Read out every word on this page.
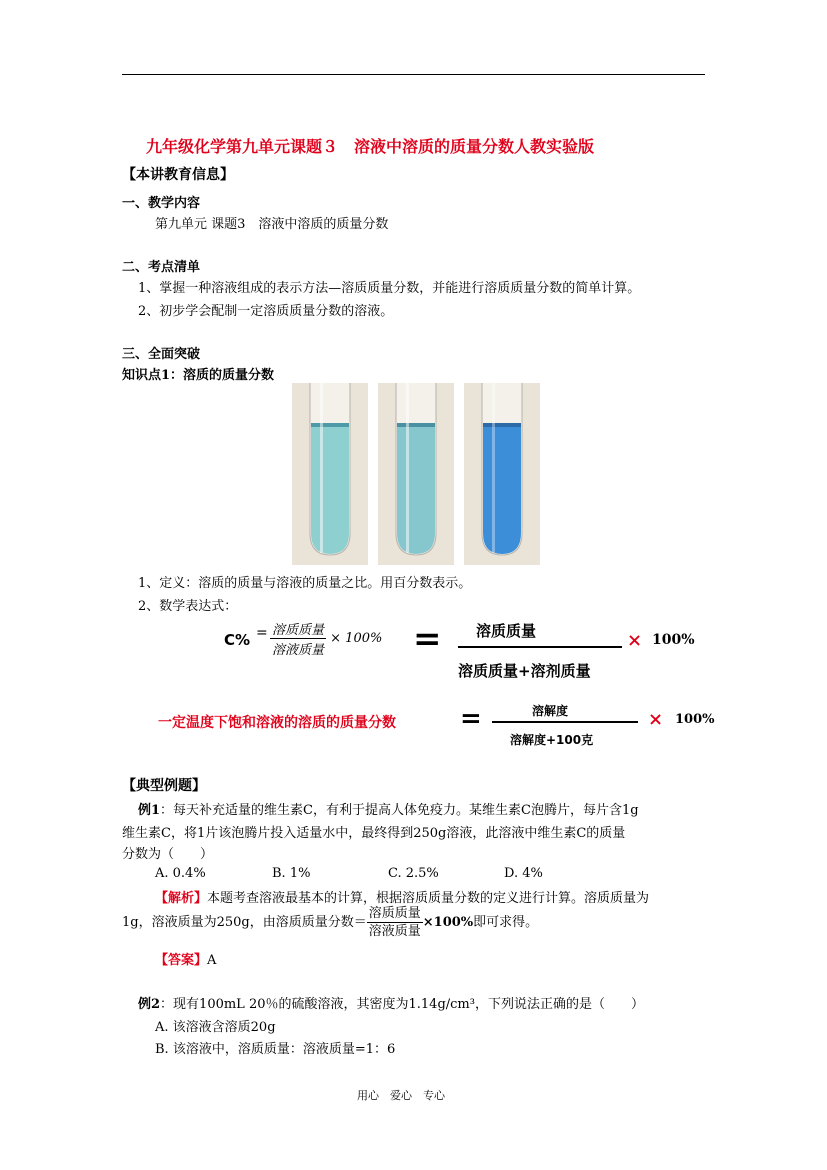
九年级化学第九单元课题３　溶液中溶质的质量分数人教实验版
【本讲教育信息】
一、教学内容
第九单元 课题3　溶液中溶质的质量分数
二、考点清单
1、掌握一种溶液组成的表示方法—溶质质量分数，并能进行溶质质量分数的简单计算。
2、初步学会配制一定溶质质量分数的溶液。
三、全面突破
知识点1：溶质的质量分数
1、定义：溶质的质量与溶液的质量之比。用百分数表示。
2、数学表达式：
$C\% = \frac{\text{溶质质量}}{\text{溶液质量}} \times 100\%$ = 溶质质量
溶质质量+溶剂质量
× 100%
一定温度下饱和溶液的溶质的质量分数 =	溶解度
溶解度+100克
× 100%
【典型例题】
例1：每天补充适量的维生素C，有利于提高人体免疫力。某维生素C泡腾片，每片含1g
维生素C，将1片该泡腾片投入适量水中，最终得到250g溶液，此溶液中维生素C的质量
分数为（　　）
A. 0.4%	B. 1%	C. 2.5%	D. 4%
【解析】本题考查溶液最基本的计算，根据溶质质量分数的定义进行计算。溶质质量为
1g，溶液质量为250g，由溶质质量分数＝ $\frac{\text{溶质质量}}{\text{溶液质量}} \times 100\%$即可求得。
【答案】A
例2：现有100mL 20％的硫酸溶液，其密度为1.14g/cm³，下列说法正确的是（　　）
A. 该溶液含溶质20g
B. 该溶液中，溶质质量：溶液质量=1：6
用心　爱心　专心
